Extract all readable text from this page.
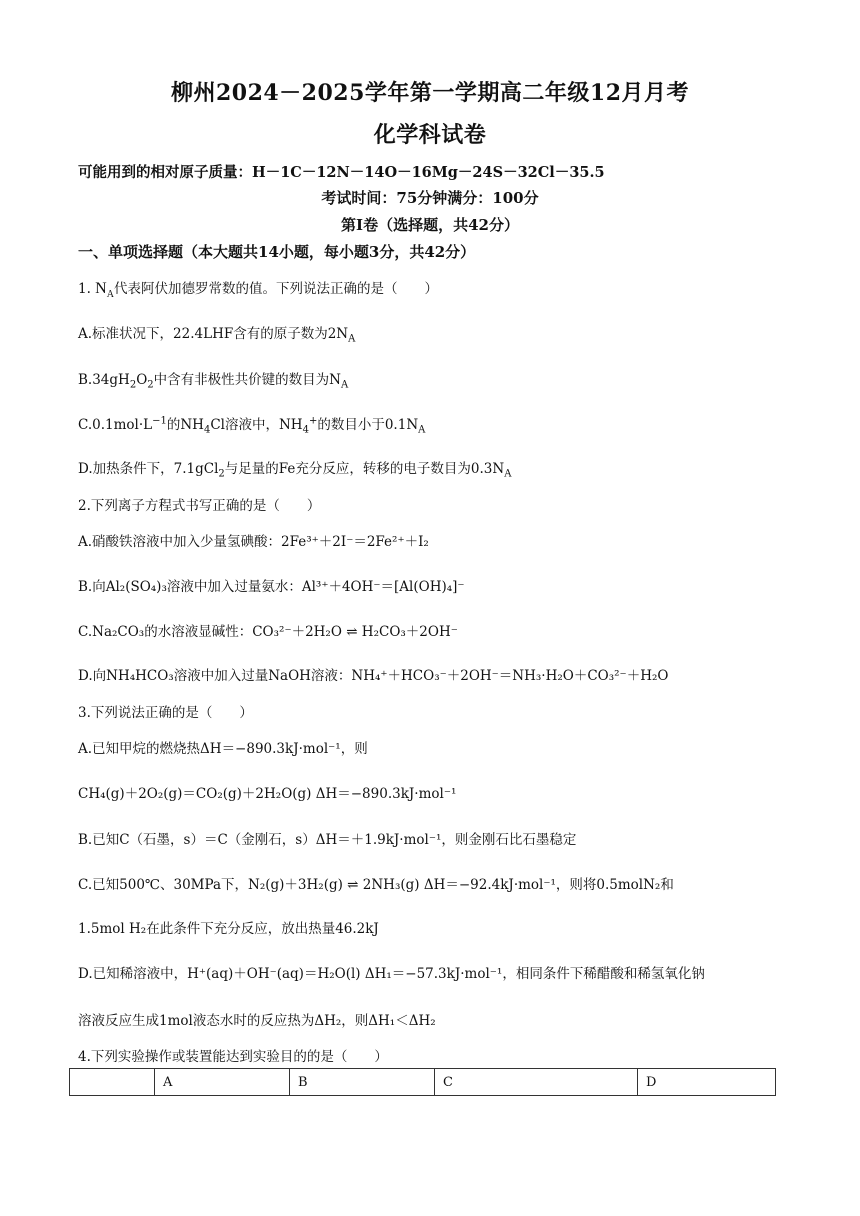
柳州2024－2025学年第一学期高二年级12月月考
化学科试卷
可能用到的相对原子质量：H－1C－12N－14O－16Mg－24S－32Cl－35.5
考试时间：75分钟满分：100分
第Ⅰ卷（选择题，共42分）
一、单项选择题（本大题共14小题，每小题3分，共42分）
1. $N_A$代表阿伏加德罗常数的值。下列说法正确的是（　　）
A.标准状况下，22.4LHF含有的原子数为$2N_A$
$B.34gH_2O_2$中含有非极性共价键的数目为$N_A$
$C.0.1mol\cdot L^{-1}$的$NH_4Cl$溶液中，$NH_4^+$的数目小于$0.1N_A$
D.加热条件下，7.1gCl$_2$与足量的Fe充分反应，转移的电子数目为$0.3N_A$
2.下列离子方程式书写正确的是（　　）
A.硝酸铁溶液中加入少量氢碘酸：2Fe³⁺＋2I⁻＝2Fe²⁺＋I₂
B.向Al₂(SO₄)₃溶液中加入过量氨水：Al³⁺＋4OH⁻＝[Al(OH)₄]⁻
C.Na₂CO₃的水溶液显碱性：CO₃²⁻＋2H₂O ⇌ H₂CO₃＋2OH⁻
D.向NH₄HCO₃溶液中加入过量NaOH溶液：NH₄⁺＋HCO₃⁻＋2OH⁻＝NH₃·H₂O＋CO₃²⁻＋H₂O
3.下列说法正确的是（　　）
A.已知甲烷的燃烧热ΔH＝−890.3kJ·mol⁻¹，则
CH₄(g)＋2O₂(g)＝CO₂(g)＋2H₂O(g) ΔH＝−890.3kJ·mol⁻¹
B.已知C（石墨，s）＝C（金刚石，s）ΔH＝＋1.9kJ·mol⁻¹，则金刚石比石墨稳定
C.已知500℃、30MPa下，N₂(g)＋3H₂(g) ⇌ 2NH₃(g) ΔH＝−92.4kJ·mol⁻¹，则将0.5molN₂和
1.5mol H₂在此条件下充分反应，放出热量46.2kJ
D.已知稀溶液中，H⁺(aq)＋OH⁻(aq)＝H₂O(l) ΔH₁＝−57.3kJ·mol⁻¹，相同条件下稀醋酸和稀氢氧化钠
溶液反应生成1mol液态水时的反应热为ΔH₂，则ΔH₁＜ΔH₂
4.下列实验操作或装置能达到实验目的的是（　　）
	A	B	C	D
